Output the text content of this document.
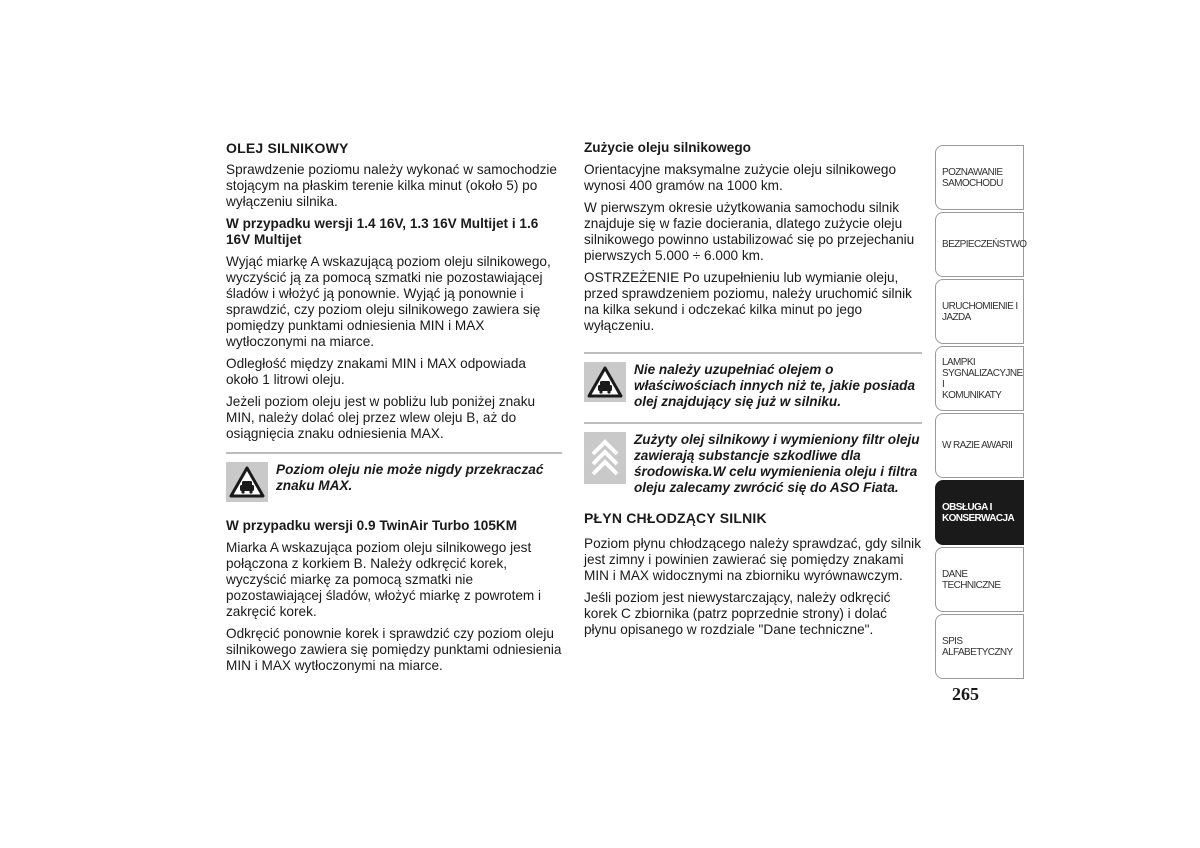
OLEJ SILNIKOWY

Sprawdzenie poziomu należy wykonać w samochodzie stojącym na płaskim terenie kilka minut (około 5) po wyłączeniu silnika.

W przypadku wersji 1.4 16V, 1.3 16V Multijet i 1.6 16V Multijet

Wyjąć miarkę A wskazującą poziom oleju silnikowego, wyczyścić ją za pomocą szmatki nie pozostawiającej śladów i włożyć ją ponownie. Wyjąć ją ponownie i sprawdzić, czy poziom oleju silnikowego zawiera się pomiędzy punktami odniesienia MIN i MAX wytłoczonymi na miarce.

Odległość między znakami MIN i MAX odpowiada około 1 litrowi oleju.

Jeżeli poziom oleju jest w pobliżu lub poniżej znaku MIN, należy dolać olej przez wlew oleju B, aż do osiągnięcia znaku odniesienia MAX.

Poziom oleju nie może nigdy przekraczać znaku MAX.

W przypadku wersji 0.9 TwinAir Turbo 105KM

Miarka A wskazująca poziom oleju silnikowego jest połączona z korkiem B. Należy odkręcić korek, wyczyścić miarkę za pomocą szmatki nie pozostawiającej śladów, włożyć miarkę z powrotem i zakręcić korek.

Odkręcić ponownie korek i sprawdzić czy poziom oleju silnikowego zawiera się pomiędzy punktami odniesienia MIN i MAX wytłoczonymi na miarce.

Zużycie oleju silnikowego

Orientacyjne maksymalne zużycie oleju silnikowego wynosi 400 gramów na 1000 km.

W pierwszym okresie użytkowania samochodu silnik znajduje się w fazie docierania, dlatego zużycie oleju silnikowego powinno ustabilizować się po przejechaniu pierwszych 5.000 ÷ 6.000 km.

OSTRZEŻENIE Po uzupełnieniu lub wymianie oleju, przed sprawdzeniem poziomu, należy uruchomić silnik na kilka sekund i odczekać kilka minut po jego wyłączeniu.

Nie należy uzupełniać olejem o właściwościach innych niż te, jakie posiada olej znajdujący się już w silniku.
Zużyty olej silnikowy i wymieniony filtr oleju zawierają substancje szkodliwe dla środowiska.W celu wymienienia oleju i filtra oleju zalecamy zwrócić się do ASO Fiata.

PŁYN CHŁODZĄCY SILNIK

Poziom płynu chłodzącego należy sprawdzać, gdy silnik jest zimny i powinien zawierać się pomiędzy znakami MIN i MAX widocznymi na zbiorniku wyrównawczym.

Jeśli poziom jest niewystarczający, należy odkręcić korek C zbiornika (patrz poprzednie strony) i dolać płynu opisanego w rozdziale "Dane techniczne".

POZNAWANIE
SAMOCHODU
BEZPIECZEŃSTWO
URUCHOMIENIE I
JAZDA
LAMPKI
SYGNALIZACYJNE I
KOMUNIKATY
W RAZIE AWARII
OBSŁUGA I
KONSERWACJA
DANE TECHNICZNE
SPIS ALFABETYCZNY
265
